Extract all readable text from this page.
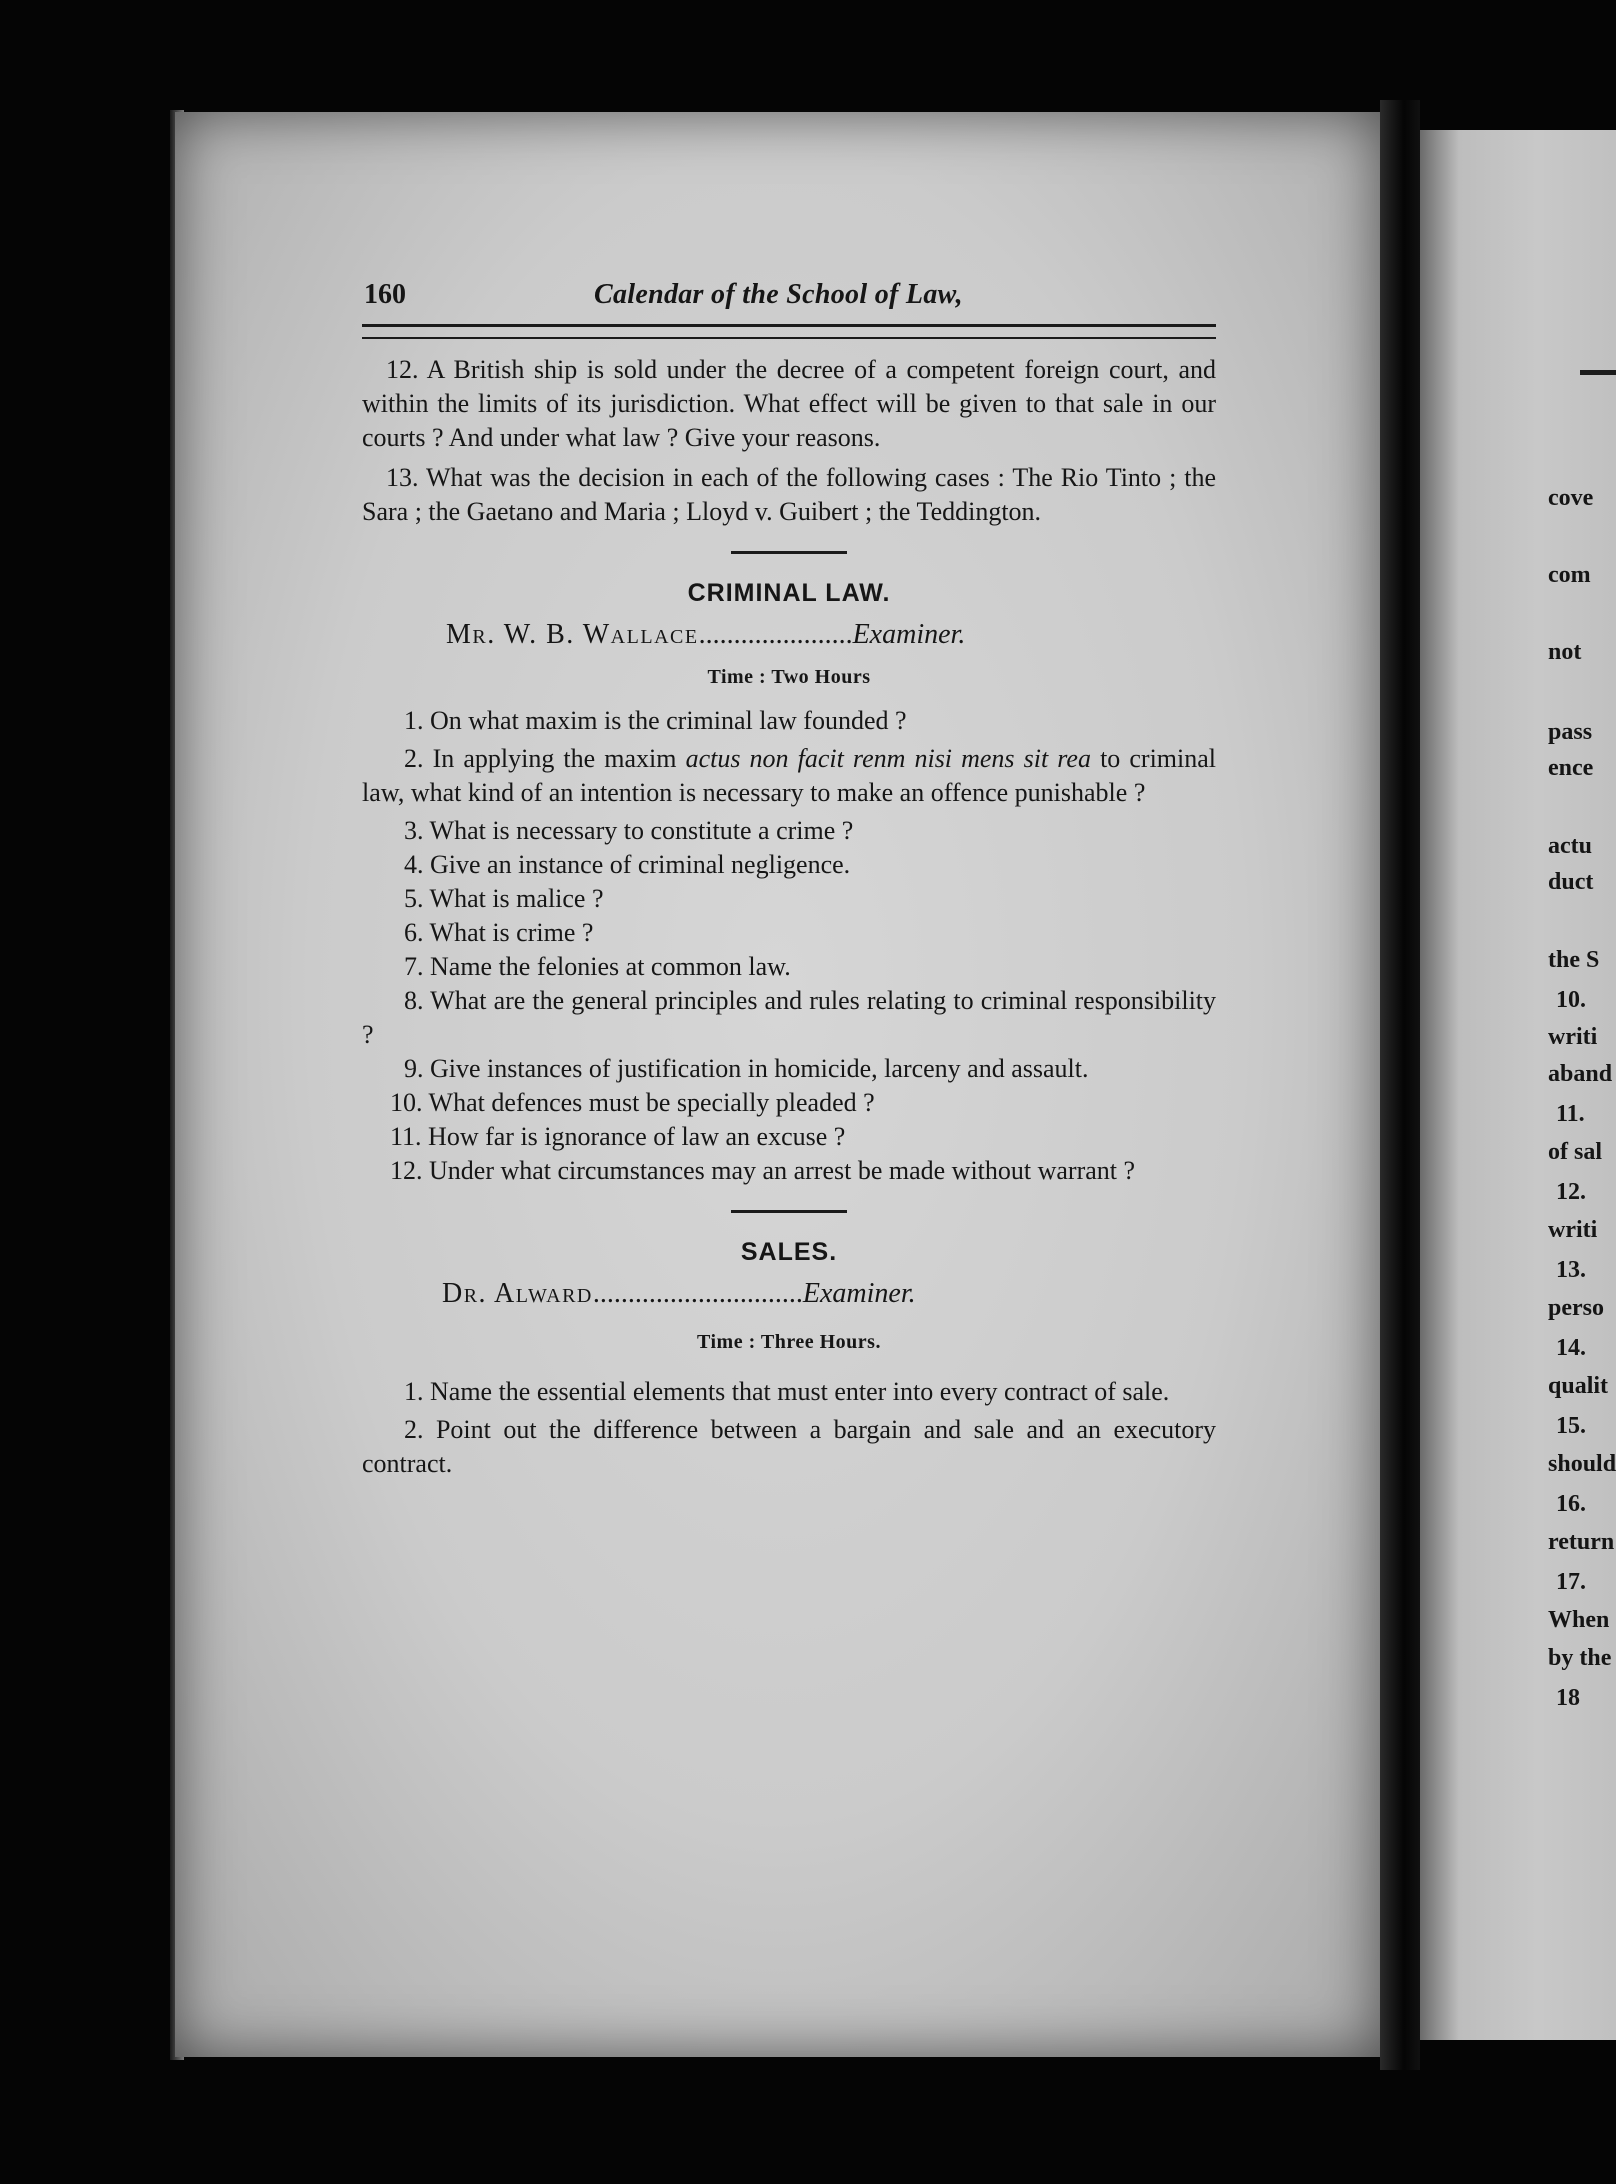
cove
com
not
pass
ence
actu
duct
the S
10.
writi
aband
11.
of sal
12.
writi
13.
perso
14.
qualit
15.
should
16.
return
17.
When
by the
18
160	Calendar of the School of Law,

12. A British ship is sold under the decree of a competent foreign court, and within the limits of its jurisdiction. What effect will be given to that sale in our courts ? And under what law ? Give your reasons.

13. What was the decision in each of the following cases : The Rio Tinto ; the Sara ; the Gaetano and Maria ; Lloyd v. Guibert ; the Teddington.

CRIMINAL LAW.
Mr. W. B. Wallace......................Examiner.
Time : Two Hours

1. On what maxim is the criminal law founded ?

2. In applying the maxim actus non facit renm nisi mens sit rea to criminal law, what kind of an intention is necessary to make an offence punishable ?

3. What is necessary to constitute a crime ?

4. Give an instance of criminal negligence.

5. What is malice ?

6. What is crime ?

7. Name the felonies at common law.

8. What are the general principles and rules relating to criminal responsibility ?

9. Give instances of justification in homicide, larceny and assault.

10. What defences must be specially pleaded ?

11. How far is ignorance of law an excuse ?

12. Under what circumstances may an arrest be made without warrant ?

SALES.
Dr. Alward..............................Examiner.
Time : Three Hours.

1. Name the essential elements that must enter into every contract of sale.

2. Point out the difference between a bargain and sale and an executory contract.
